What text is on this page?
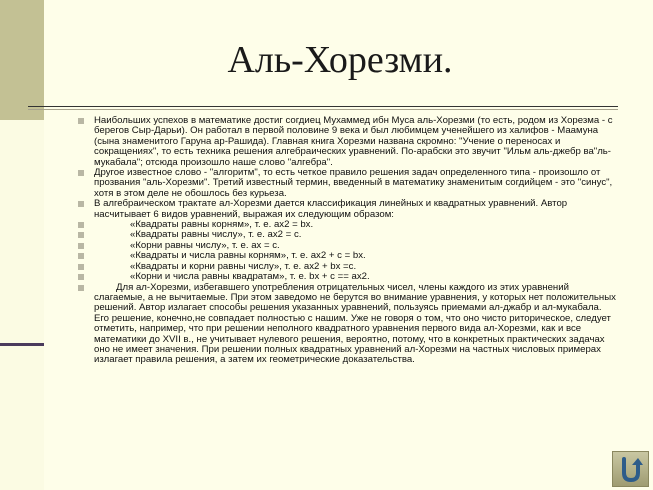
Аль-Хорезми.

Наибольших успехов в математике достиг согдиец Мухаммед ибн Муса аль-Хорезми (то есть, родом из Хорезма - с берегов Сыр-Дарьи). Он работал в первой половине 9 века и был любимцем ученейшего из халифов - Маамуна (сына знаменитого Гаруна ар-Рашида). Главная книга Хорезми названа скромно: "Учение о переносах и сокращениях", то есть техника решения алгебраических уравнений. По-арабски это звучит "Ильм аль-джебр ва"ль-мукабала"; отсюда произошло наше слово "алгебра".

Другое известное слово - "алгоритм", то есть четкое правило решения задач определенного типа - произошло от прозвания "аль-Хорезми". Третий известный термин, введенный в математику знаменитым согдийцем - это "синус", хотя в этом деле не обошлось без курьеза.

В алгебраическом трактате ал-Хорезми дается классификация линейных и квадратных уравнений. Автор насчитывает 6 видов уравнений, выражая их следующим образом:

«Квадраты равны корням», т. е. ах2 = bх.

«Квадраты равны числу», т. е. ах2 = с.

«Корни равны числу», т. е. ах = с.

«Квадраты и числа равны корням», т. е. ах2 + с = bх.

«Квадраты и корни равны числу», т. е. ах2 + bх =с.

«Корни и числа равны квадратам», т. е. bх + с == ах2.

Для ал-Хорезми, избегавшего употребления отрицательных чисел, члены каждого из этих уравнений слагаемые, а не вычитаемые. При этом заведомо не берутся во внимание уравнения, у которых нет положительных решений. Автор излагает способы решения указанных уравнений, пользуясь приемами ал-джабр и ал-мукабала. Его решение, конечно,не совпадает полностью с нашим. Уже не говоря о том, что оно чисто риторическое, следует отметить, например, что при решении неполного квадратного уравнения первого вида ал-Хорезми, как и все математики до XVII в., не учитывает нулевого решения, вероятно, потому, что в конкретных практических задачах оно не имеет значения. При решении полных квадратных уравнений ал-Хорезми на частных числовых примерах излагает правила решения, а затем их геометрические доказательства.
